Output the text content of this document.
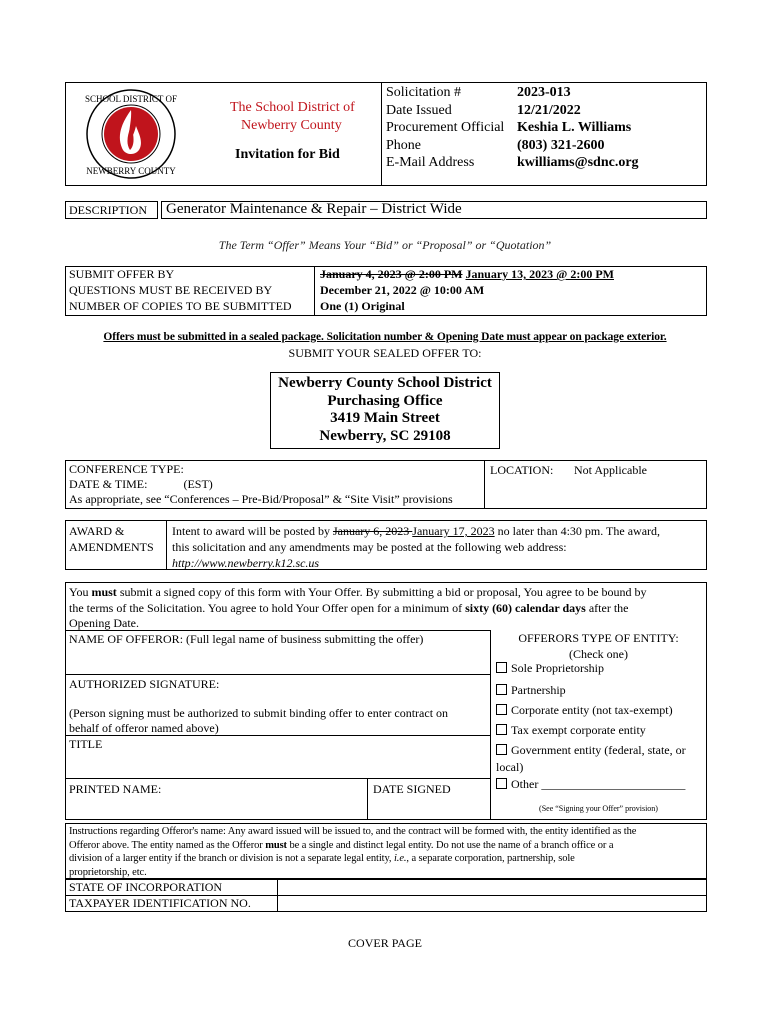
SCHOOL DISTRICT OF
NEWBERRY COUNTY
The School District of
Newberry County
Invitation for Bid
Solicitation #
Date Issued
Procurement Official
Phone
E-Mail Address
2023-013
12/21/2022
Keshia L. Williams
(803) 321-2600
kwilliams@sdnc.org
DESCRIPTION Generator Maintenance & Repair – District Wide
The Term “Offer” Means Your “Bid” or “Proposal” or “Quotation”
SUBMIT OFFER BY
QUESTIONS MUST BE RECEIVED BY
NUMBER OF COPIES TO BE SUBMITTED
January 4, 2023 @ 2:00 PM January 13, 2023 @ 2:00 PM
December 21, 2022 @ 10:00 AM
One (1) Original
Offers must be submitted in a sealed package. Solicitation number & Opening Date must appear on package exterior.
SUBMIT YOUR SEALED OFFER TO:
Newberry County School District
Purchasing Office
3419 Main Street
Newberry, SC 29108
CONFERENCE TYPE:
DATE & TIME:	(EST)
As appropriate, see “Conferences – Pre-Bid/Proposal” & “Site Visit” provisions
LOCATION: Not Applicable
AWARD &
AMENDMENTS
Intent to award will be posted by January 6, 2023 January 17, 2023 no later than 4:30 pm. The award,
this solicitation and any amendments may be posted at the following web address:
http://www.newberry.k12.sc.us
You must submit a signed copy of this form with Your Offer. By submitting a bid or proposal, You agree to be bound by
the terms of the Solicitation. You agree to hold Your Offer open for a minimum of sixty (60) calendar days after the
Opening Date.
NAME OF OFFEROR: (Full legal name of business submitting the offer)
AUTHORIZED SIGNATURE:
(Person signing must be authorized to submit binding offer to enter contract on
behalf of offeror named above)
TITLE
PRINTED NAME:	DATE SIGNED
OFFERORS TYPE OF ENTITY:
(Check one)
Sole Proprietorship
Partnership
Corporate entity (not tax-exempt)
Tax exempt corporate entity
Government entity (federal, state, or
local)
Other ________________________
(See “Signing your Offer” provision)
Instructions regarding Offeror's name: Any award issued will be issued to, and the contract will be formed with, the entity identified as the
Offeror above. The entity named as the Offeror must be a single and distinct legal entity. Do not use the name of a branch office or a
division of a larger entity if the branch or division is not a separate legal entity, i.e., a separate corporation, partnership, sole
proprietorship, etc.
STATE OF INCORPORATION
TAXPAYER IDENTIFICATION NO.
COVER PAGE
